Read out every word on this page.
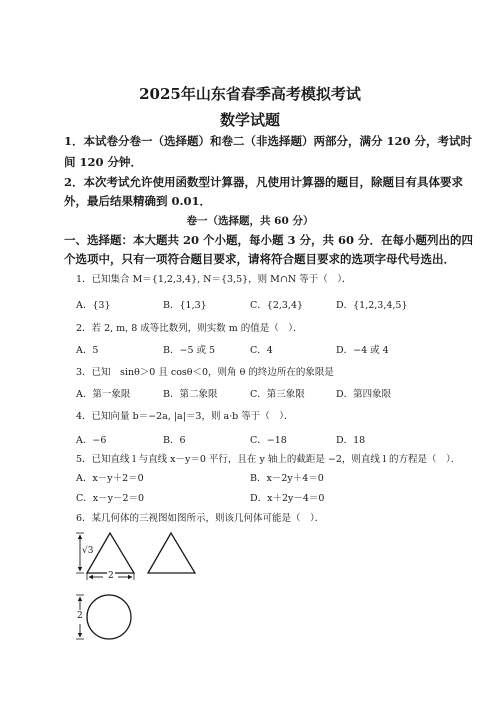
2025年山东省春季高考模拟考试
数学试题
1．本试卷分卷一（选择题）和卷二（非选择题）两部分，满分 120 分，考试时
间 120 分钟．
2．本次考试允许使用函数型计算器，凡使用计算器的题目，除题目有具体要求
外，最后结果精确到 0.01．
卷一（选择题，共 60 分）
一、选择题：本大题共 20 个小题，每小题 3 分，共 60 分．在每小题列出的四
个选项中，只有一项符合题目要求，请将符合题目要求的选项字母代号选出．
1．已知集合 M＝{1,2,3,4}, N＝{3,5}，则 M∩N 等于（　）．
A．{3}	B．{1,3}	C．{2,3,4}	D．{1,2,3,4,5}
2．若 2, m, 8 成等比数列，则实数 m 的值是（　）．
A．5	B．−5 或 5	C．4	D．−4 或 4
3．已知　sinθ＞0 且 cosθ＜0，则角 θ 的终边所在的象限是
A．第一象限	B．第二象限	C．第三象限	D．第四象限
4．已知向量 b＝−2a, |a|＝3，则 a·b 等于（　）．
A．−6	B．6	C．−18	D．18
5．已知直线 l 与直线 x－y＝0 平行，且在 y 轴上的截距是 −2，则直线 l 的方程是（　）．
A．x－y＋2＝0	B．x－2y＋4＝0
C．x－y－2＝0	D．x＋2y－4＝0
6．某几何体的三视图如图所示，则该几何体可能是（　）．
√3
2
2
